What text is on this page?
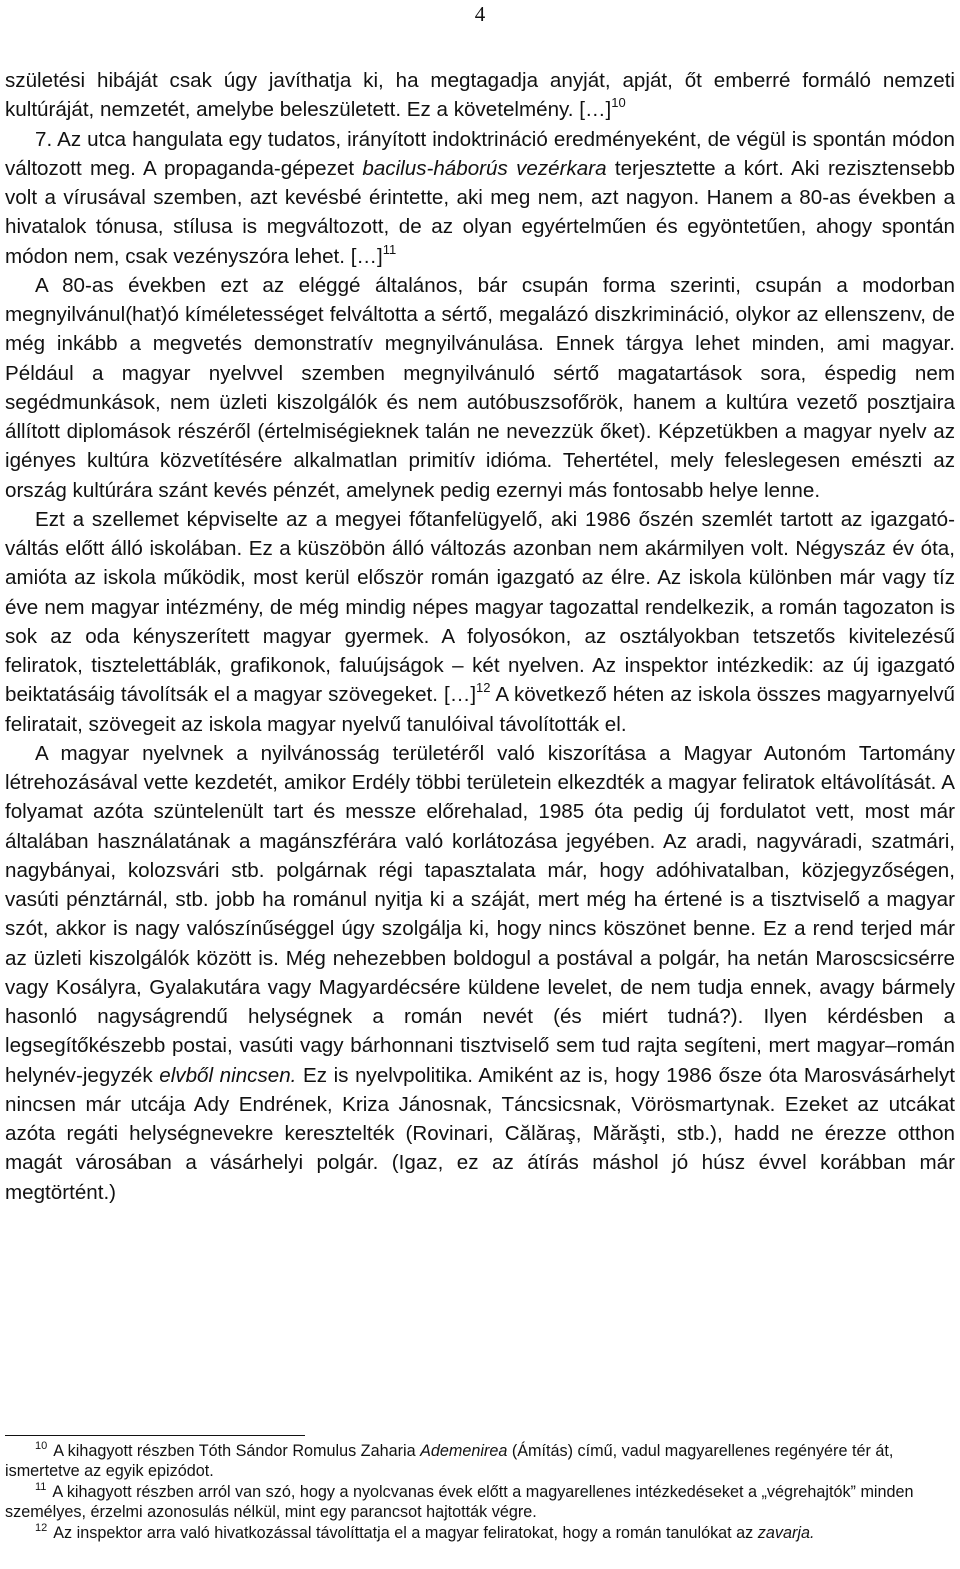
4

születési hibáját csak úgy javíthatja ki, ha megtagadja anyját, apját, őt emberré formáló nemzeti kultúráját, nemzetét, amelybe beleszületett. Ez a követelmény. […]$^{10}$

7. Az utca hangulata egy tudatos, irányított indoktrináció eredményeként, de végül is spontán módon változott meg. A propaganda-gépezet bacilus-háborús vezérkara terjesztette a kórt. Aki rezisztensebb volt a vírusával szemben, azt kevésbé érintette, aki meg nem, azt nagyon. Hanem a 80-as években a hivatalok tónusa, stílusa is megváltozott, de az olyan egyértelműen és egyöntetűen, ahogy spontán módon nem, csak vezényszóra lehet. […]$^{11}$

A 80-as években ezt az eléggé általános, bár csupán forma szerinti, csupán a modorban megnyilvánul(hat)ó kíméletességet felváltotta a sértő, megalázó diszkrimináció, olykor az ellenszenv, de még inkább a megvetés demonstratív megnyilvánulása. Ennek tárgya lehet minden, ami magyar. Például a magyar nyelvvel szemben megnyilvánuló sértő magatartások sora, éspedig nem segédmunkások, nem üzleti kiszolgálók és nem autóbuszsofőrök, hanem a kultúra vezető posztjaira állított diplomások részéről (értelmiségieknek talán ne nevezzük őket). Képzetükben a magyar nyelv az igényes kultúra közvetítésére alkalmatlan primitív idióma. Tehertétel, mely feleslegesen emészti az ország kultúrára szánt kevés pénzét, amelynek pedig ezernyi más fontosabb helye lenne.

Ezt a szellemet képviselte az a megyei főtanfelügyelő, aki 1986 őszén szemlét tartott az igazgató-váltás előtt álló iskolában. Ez a küszöbön álló változás azonban nem akármilyen volt. Négyszáz év óta, amióta az iskola működik, most kerül először román igazgató az élre. Az iskola különben már vagy tíz éve nem magyar intézmény, de még mindig népes magyar tagozattal rendelkezik, a román tagozaton is sok az oda kényszerített magyar gyermek. A folyosókon, az osztályokban tetszetős kivitelezésű feliratok, tisztelettáblák, grafikonok, faluújságok – két nyelven. Az inspektor intézkedik: az új igazgató beiktatásáig távolítsák el a magyar szövegeket. […]$^{12}$ A következő héten az iskola összes magyarnyelvű feliratait, szövegeit az iskola magyar nyelvű tanulóival távolították el.

A magyar nyelvnek a nyilvánosság területéről való kiszorítása a Magyar Autonóm Tartomány létrehozásával vette kezdetét, amikor Erdély többi területein elkezdték a magyar feliratok eltávolítását. A folyamat azóta szüntelenült tart és messze előrehalad, 1985 óta pedig új fordulatot vett, most már általában használatának a magánszférára való korlátozása jegyében. Az aradi, nagyváradi, szatmári, nagybányai, kolozsvári stb. polgárnak régi tapasztalata már, hogy adóhivatalban, közjegyzőségen, vasúti pénztárnál, stb. jobb ha románul nyitja ki a száját, mert még ha értené is a tisztviselő a magyar szót, akkor is nagy valószínűséggel úgy szolgálja ki, hogy nincs köszönet benne. Ez a rend terjed már az üzleti kiszolgálók között is. Még nehezebben boldogul a postával a polgár, ha netán Maroscsicsérre vagy Kosályra, Gyalakutára vagy Magyardécsére küldene levelet, de nem tudja ennek, avagy bármely hasonló nagyságrendű helységnek a román nevét (és miért tudná?). Ilyen kérdésben a legsegítőkészebb postai, vasúti vagy bárhonnani tisztviselő sem tud rajta segíteni, mert magyar–román helynév-jegyzék elvből nincsen. Ez is nyelvpolitika. Amiként az is, hogy 1986 ősze óta Marosvásárhelyt nincsen már utcája Ady Endrének, Kriza Jánosnak, Táncsicsnak, Vörösmartynak. Ezeket az utcákat azóta regáti helységnevekre keresztelték (Rovinari, Călăraş, Mărăşti, stb.), hadd ne érezze otthon magát városában a vásárhelyi polgár. (Igaz, ez az átírás máshol jó húsz évvel korábban már megtörtént.)

$^{10}$ A kihagyott részben Tóth Sándor Romulus Zaharia Ademenirea (Ámítás) című, vadul magyarellenes regényére tér át, ismertetve az egyik epizódot.

$^{11}$ A kihagyott részben arról van szó, hogy a nyolcvanas évek előtt a magyarellenes intézkedéseket a „végrehajtók” minden személyes, érzelmi azonosulás nélkül, mint egy parancsot hajtották végre.

$^{12}$ Az inspektor arra való hivatkozással távolíttatja el a magyar feliratokat, hogy a román tanulókat az zavarja.
